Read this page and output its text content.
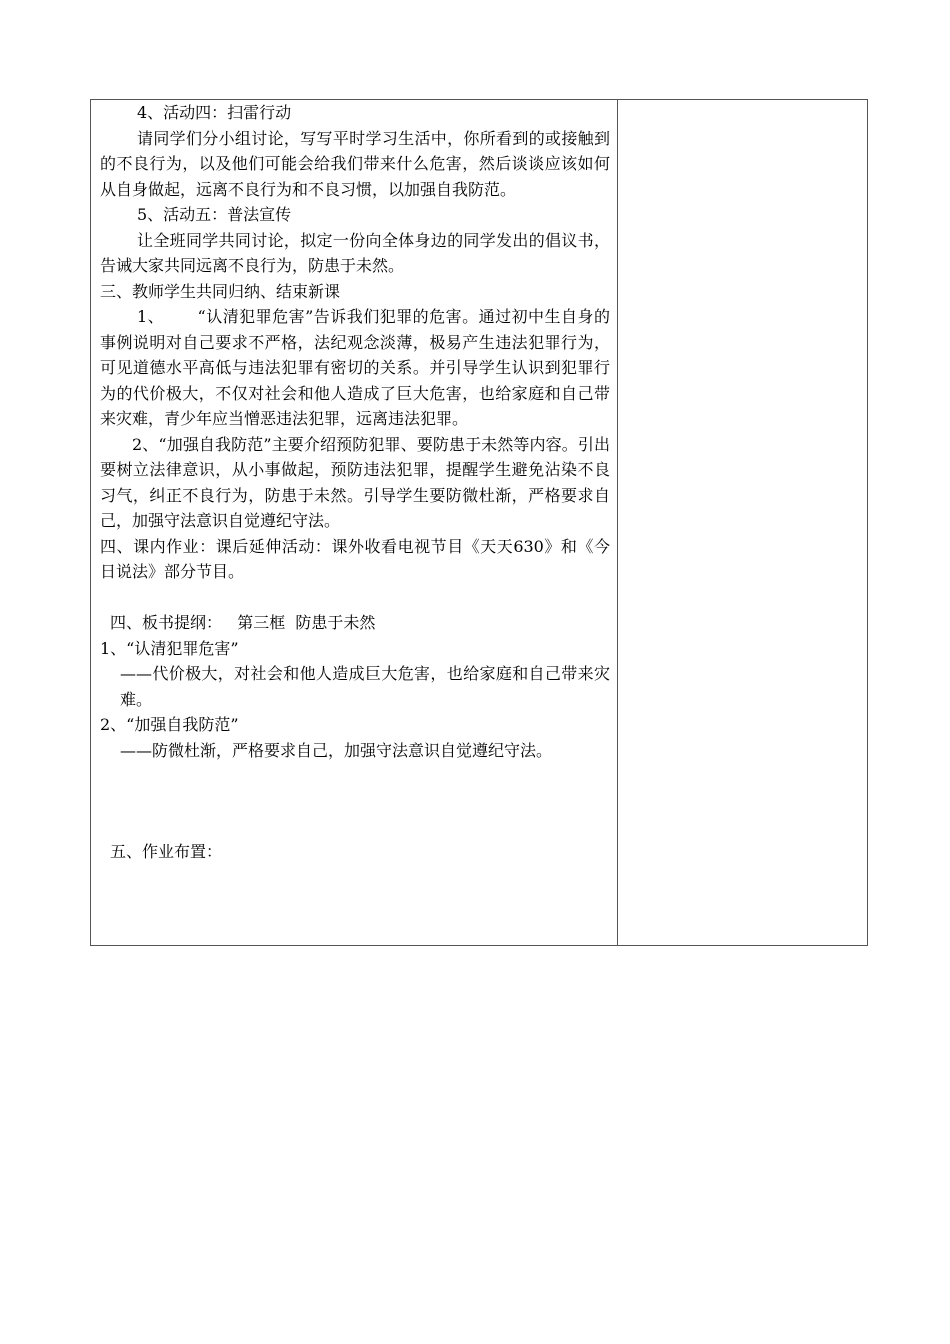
4、活动四：扫雷行动

请同学们分小组讨论，写写平时学习生活中，你所看到的或接触到的不良行为，以及他们可能会给我们带来什么危害，然后谈谈应该如何从自身做起，远离不良行为和不良习惯，以加强自我防范。

5、活动五：普法宣传

让全班同学共同讨论，拟定一份向全体身边的同学发出的倡议书，告诫大家共同远离不良行为，防患于未然。

三、教师学生共同归纳、结束新课

1、      “认清犯罪危害”告诉我们犯罪的危害。通过初中生自身的事例说明对自己要求不严格，法纪观念淡薄，极易产生违法犯罪行为，可见道德水平高低与违法犯罪有密切的关系。并引导学生认识到犯罪行为的代价极大，不仅对社会和他人造成了巨大危害，也给家庭和自己带来灾难，青少年应当憎恶违法犯罪，远离违法犯罪。

2、“加强自我防范”主要介绍预防犯罪、要防患于未然等内容。引出要树立法律意识，从小事做起，预防违法犯罪，提醒学生避免沾染不良习气，纠正不良行为，防患于未然。引导学生要防微杜渐，严格要求自己，加强守法意识自觉遵纪守法。

四、课内作业：课后延伸活动：课外收看电视节目《天天630》和《今日说法》部分节目。

四、板书提纲：   第三框  防患于未然

1、“认清犯罪危害”

——代价极大，对社会和他人造成巨大危害，也给家庭和自己带来灾难。

2、“加强自我防范”

——防微杜渐，严格要求自己，加强守法意识自觉遵纪守法。

五、作业布置：
